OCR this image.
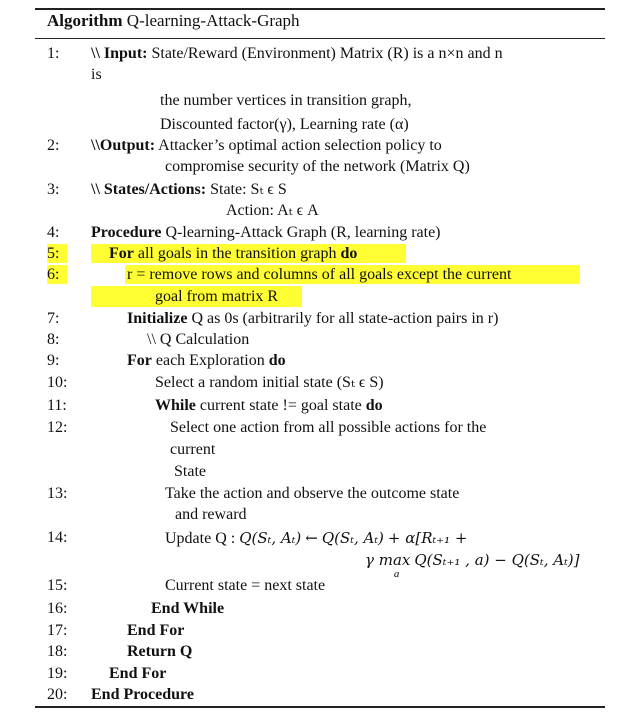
Algorithm Q-learning-Attack-Graph
1: \\ Input: State/Reward (Environment) Matrix (R) is a n×n and n
is
the number vertices in transition graph,
Discounted factor(γ), Learning rate (α)
2: \\Output: Attacker’s optimal action selection policy to
compromise security of the network (Matrix Q)
3: \\ States/Actions: State: Sₜ ϵ S
Action: Aₜ ϵ A
4: Procedure Q-learning-Attack Graph (R, learning rate)
5:	For all goals in the transition graph do
6:	r = remove rows and columns of all goals except the current
goal from matrix R
7:	Initialize Q as 0s (arbitrarily for all state-action pairs in r)
8:	\\ Q Calculation
9:	For each Exploration do
10:	Select a random initial state (Sₜ ϵ S)
11:	While current state != goal state do
12:	Select one action from all possible actions for the
current
State
13:	Take the action and observe the outcome state
and reward
14:	Update Q : Q(Sₜ, Aₜ) ← Q(Sₜ, Aₜ) + α[Rₜ₊₁ +
γ max
a
Q(Sₜ₊₁ , a) − Q(Sₜ, Aₜ)]
15:	Current state = next state
16:	End While
17:	End For
18:	Return Q
19:	End For
20: End Procedure
